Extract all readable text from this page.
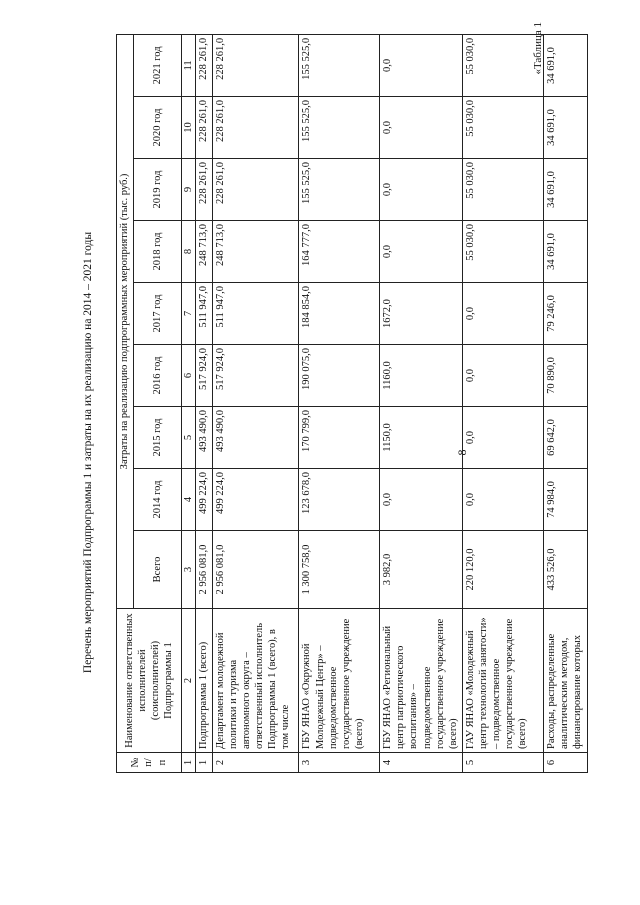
8
«Таблица 1
Перечень мероприятий Подпрограммы 1 и затраты на их реализацию на 2014 – 2021 годы
№ п/п	Наименование ответственных исполнителей (соисполнителей) Подпрограммы 1	Затраты на реализацию подпрограммных мероприятий (тыс. руб.)								
		Всего	2014 год	2015 год	2016 год	2017 год	2018 год	2019 год	2020 год	2021 год
1	2	3	4	5	6	7	8	9	10	11
1	Подпрограмма 1 (всего)	2 956 081,0	499 224,0	493 490,0	517 924,0	511 947,0	248 713,0	228 261,0	228 261,0	228 261,0
2	Департамент молодежной политики и туризма автономного округа – ответственный исполнитель Подпрограммы 1 (всего), в том числе	2 956 081,0	499 224,0	493 490,0	517 924,0	511 947,0	248 713,0	228 261,0	228 261,0	228 261,0
3	ГБУ ЯНАО «Окружной Молодежный Центр» – подведомственное государственное учреждение (всего)	1 300 758,0	123 678,0	170 799,0	190 075,0	184 854,0	164 777,0	155 525,0	155 525,0	155 525,0
4	ГБУ ЯНАО «Региональный центр патриотического воспитания» – подведомственное государственное учреждение (всего)	3 982,0	0,0	1150,0	1160,0	1672,0	0,0	0,0	0,0	0,0
5	ГАУ ЯНАО «Молодежный центр технологий занятости» – подведомственное государственное учреждение (всего)	220 120,0	0,0	0,0	0,0	0,0	55 030,0	55 030,0	55 030,0	55 030,0
6	Расходы, распределенные аналитическим методом, финансирование которых	433 526,0	74 984,0	69 642,0	70 890,0	79 246,0	34 691,0	34 691,0	34 691,0	34 691,0
